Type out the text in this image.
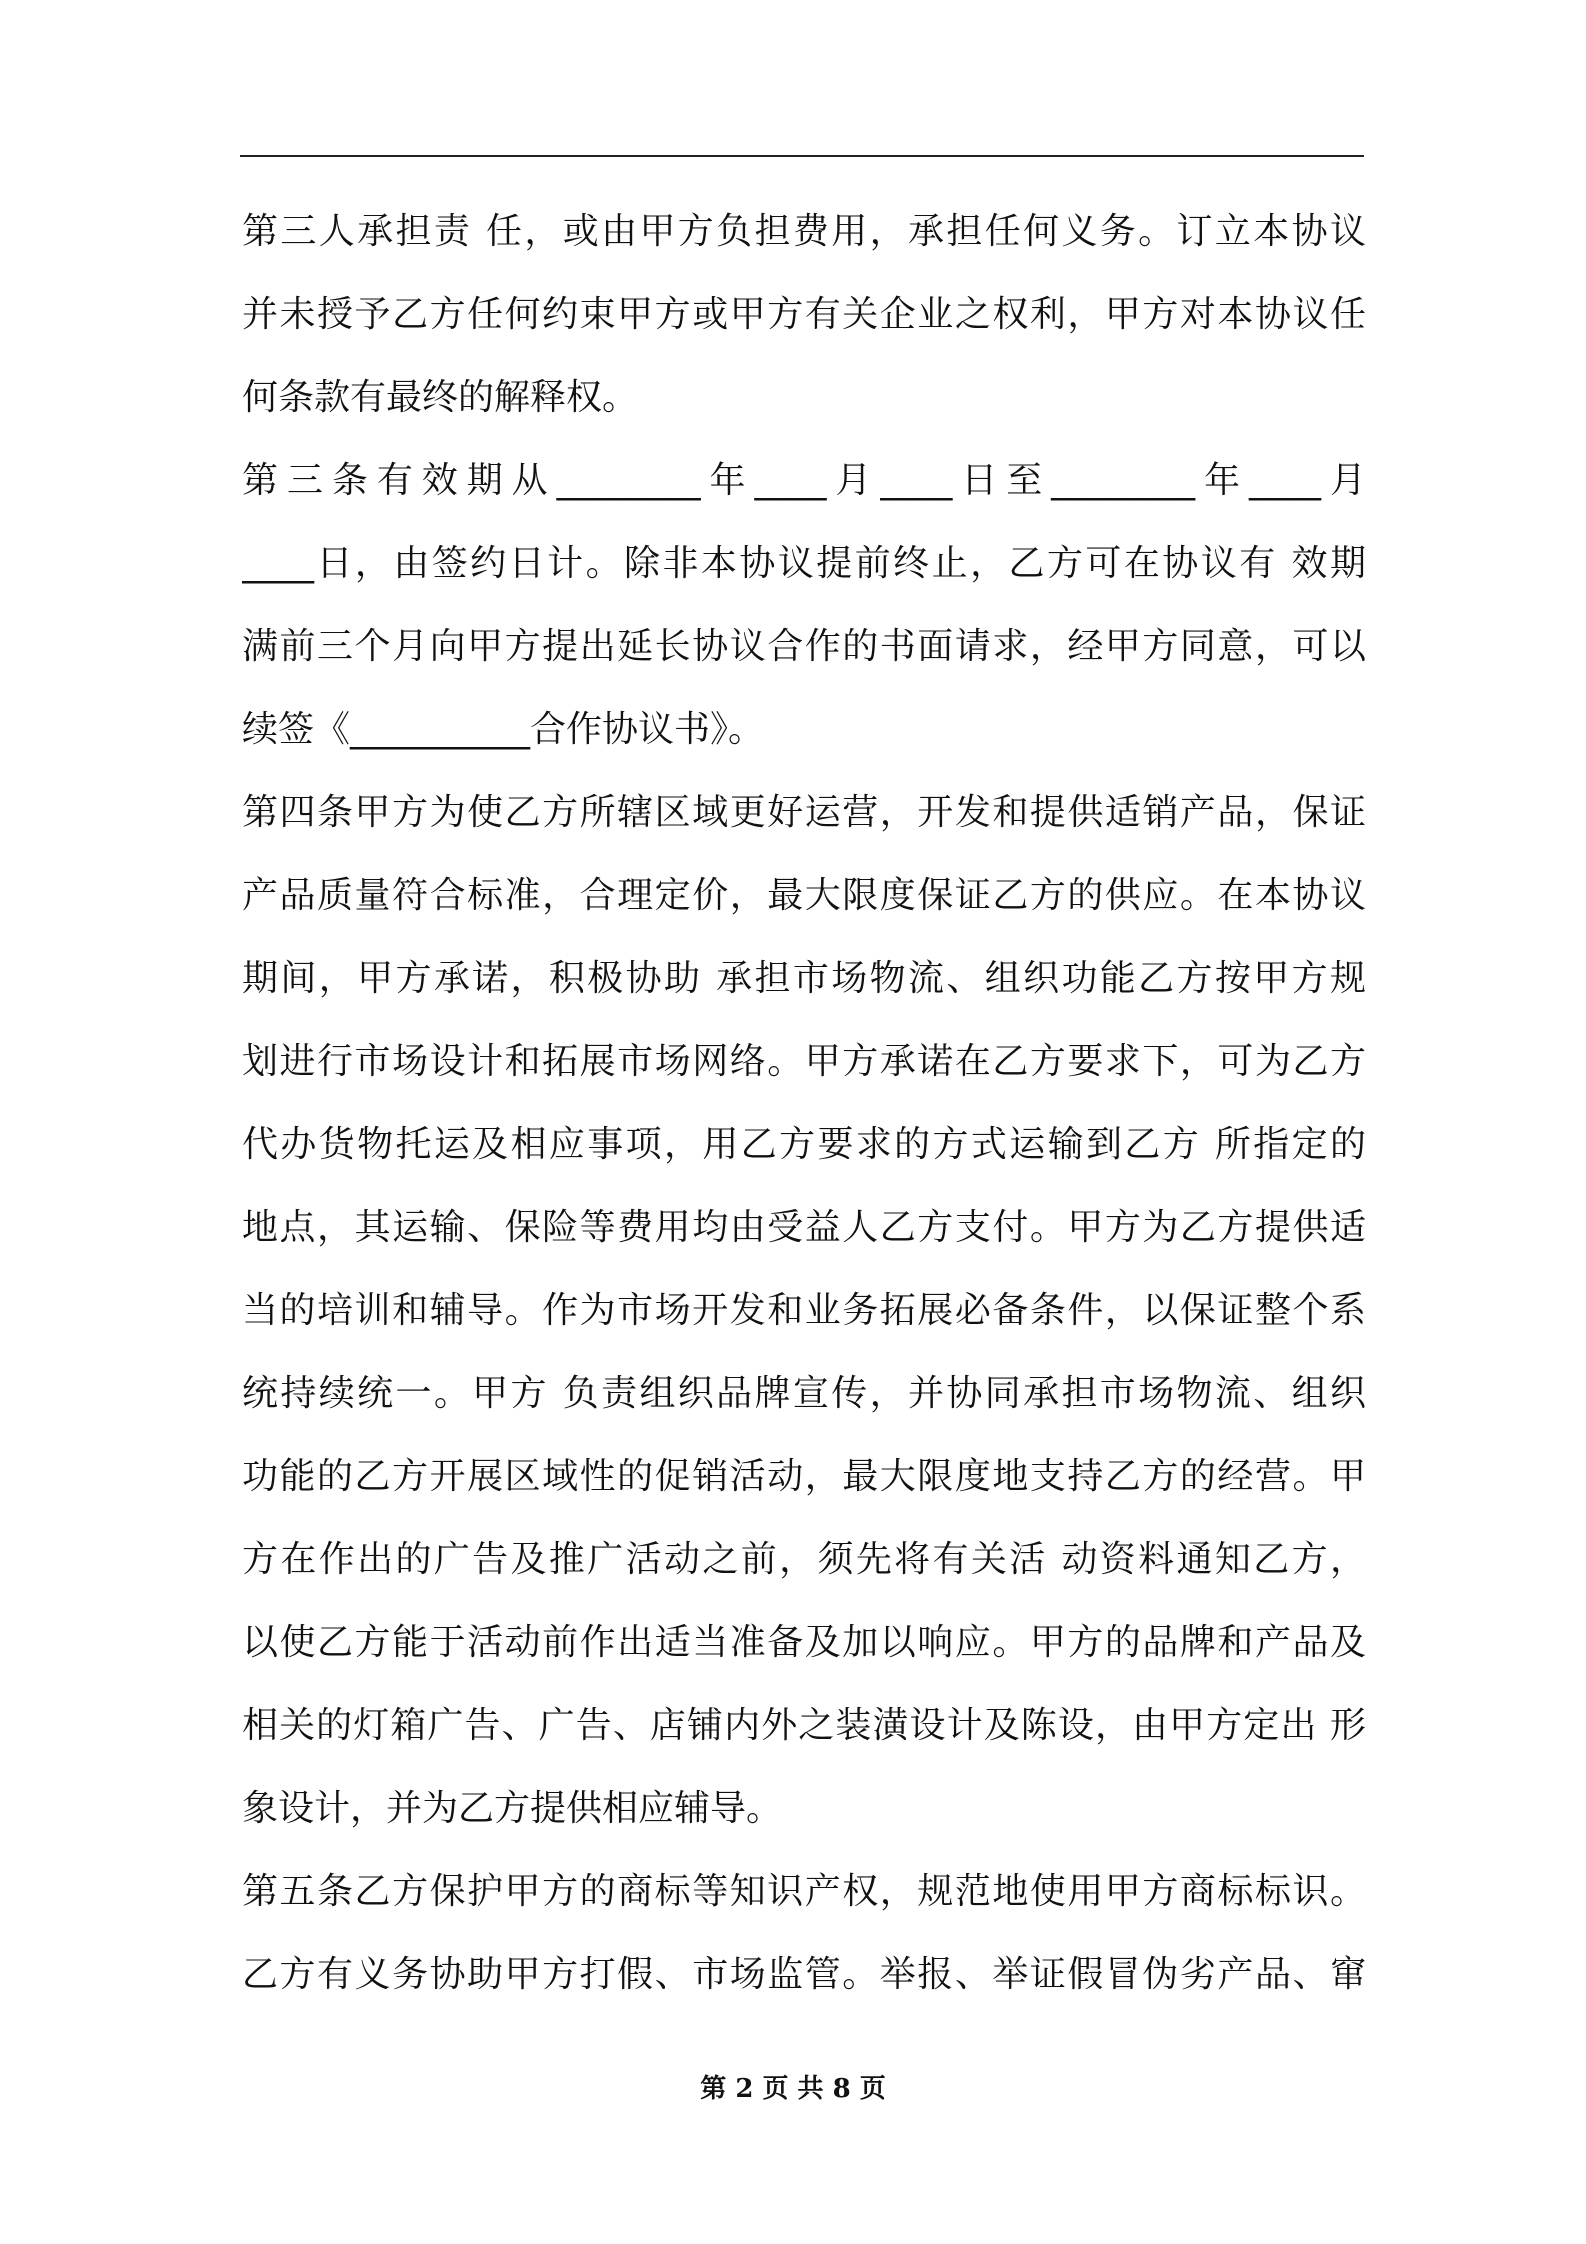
第三人承担责 任，或由甲方负担费用，承担任何义务。订立本协议
并未授予乙方任何约束甲方或甲方有关企业之权利，甲方对本协议任
何条款有最终的解释权。
第三条有效期从________年____月____日至________年____月
____日，由签约日计。除非本协议提前终止，乙方可在协议有 效期
满前三个月向甲方提出延长协议合作的书面请求，经甲方同意，可以
续签《__________合作协议书》。
第四条甲方为使乙方所辖区域更好运营，开发和提供适销产品，保证
产品质量符合标准，合理定价，最大限度保证乙方的供应。在本协议
期间，甲方承诺，积极协助 承担市场物流、组织功能乙方按甲方规
划进行市场设计和拓展市场网络。甲方承诺在乙方要求下，可为乙方
代办货物托运及相应事项，用乙方要求的方式运输到乙方 所指定的
地点，其运输、保险等费用均由受益人乙方支付。甲方为乙方提供适
当的培训和辅导。作为市场开发和业务拓展必备条件，以保证整个系
统持续统一。甲方 负责组织品牌宣传，并协同承担市场物流、组织
功能的乙方开展区域性的促销活动，最大限度地支持乙方的经营。甲
方在作出的广告及推广活动之前，须先将有关活 动资料通知乙方，
以使乙方能于活动前作出适当准备及加以响应。甲方的品牌和产品及
相关的灯箱广告、广告、店铺内外之装潢设计及陈设，由甲方定出 形
象设计，并为乙方提供相应辅导。
第五条乙方保护甲方的商标等知识产权，规范地使用甲方商标标识。
乙方有义务协助甲方打假、市场监管。举报、举证假冒伪劣产品、窜
第 2 页 共 8 页
